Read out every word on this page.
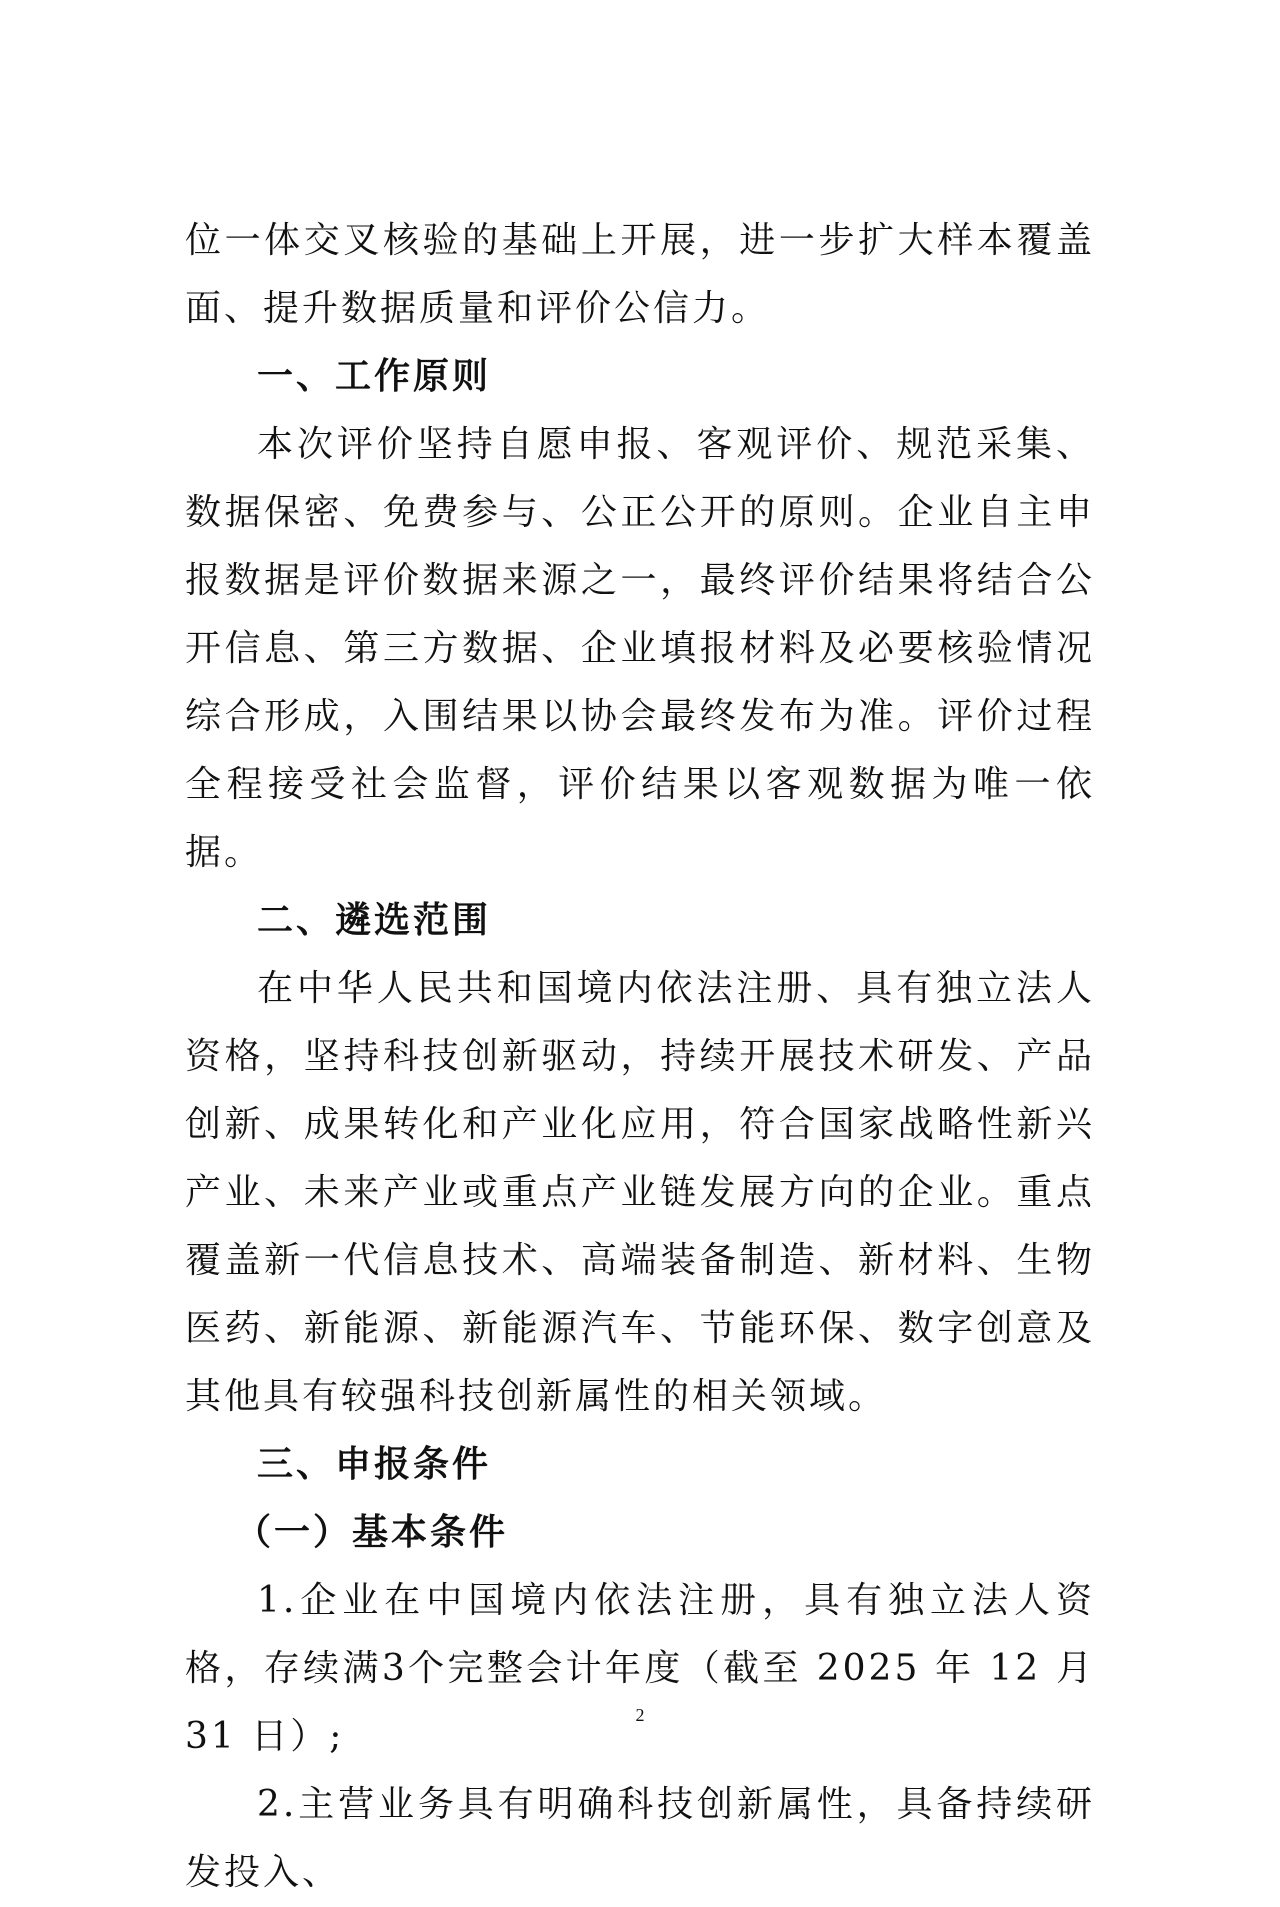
位一体交叉核验的基础上开展，进一步扩大样本覆盖面、提升数据质量和评价公信力。

一、工作原则

本次评价坚持自愿申报、客观评价、规范采集、数据保密、免费参与、公正公开的原则。企业自主申报数据是评价数据来源之一，最终评价结果将结合公开信息、第三方数据、企业填报材料及必要核验情况综合形成，入围结果以协会最终发布为准。评价过程全程接受社会监督，评价结果以客观数据为唯一依据。

二、遴选范围

在中华人民共和国境内依法注册、具有独立法人资格，坚持科技创新驱动，持续开展技术研发、产品创新、成果转化和产业化应用，符合国家战略性新兴产业、未来产业或重点产业链发展方向的企业。重点覆盖新一代信息技术、高端装备制造、新材料、生物医药、新能源、新能源汽车、节能环保、数字创意及其他具有较强科技创新属性的相关领域。

三、申报条件
（一）基本条件

1.企业在中国境内依法注册，具有独立法人资格，存续满3个完整会计年度（截至 2025 年 12 月 31 日）;

2.主营业务具有明确科技创新属性，具备持续研发投入、

2
